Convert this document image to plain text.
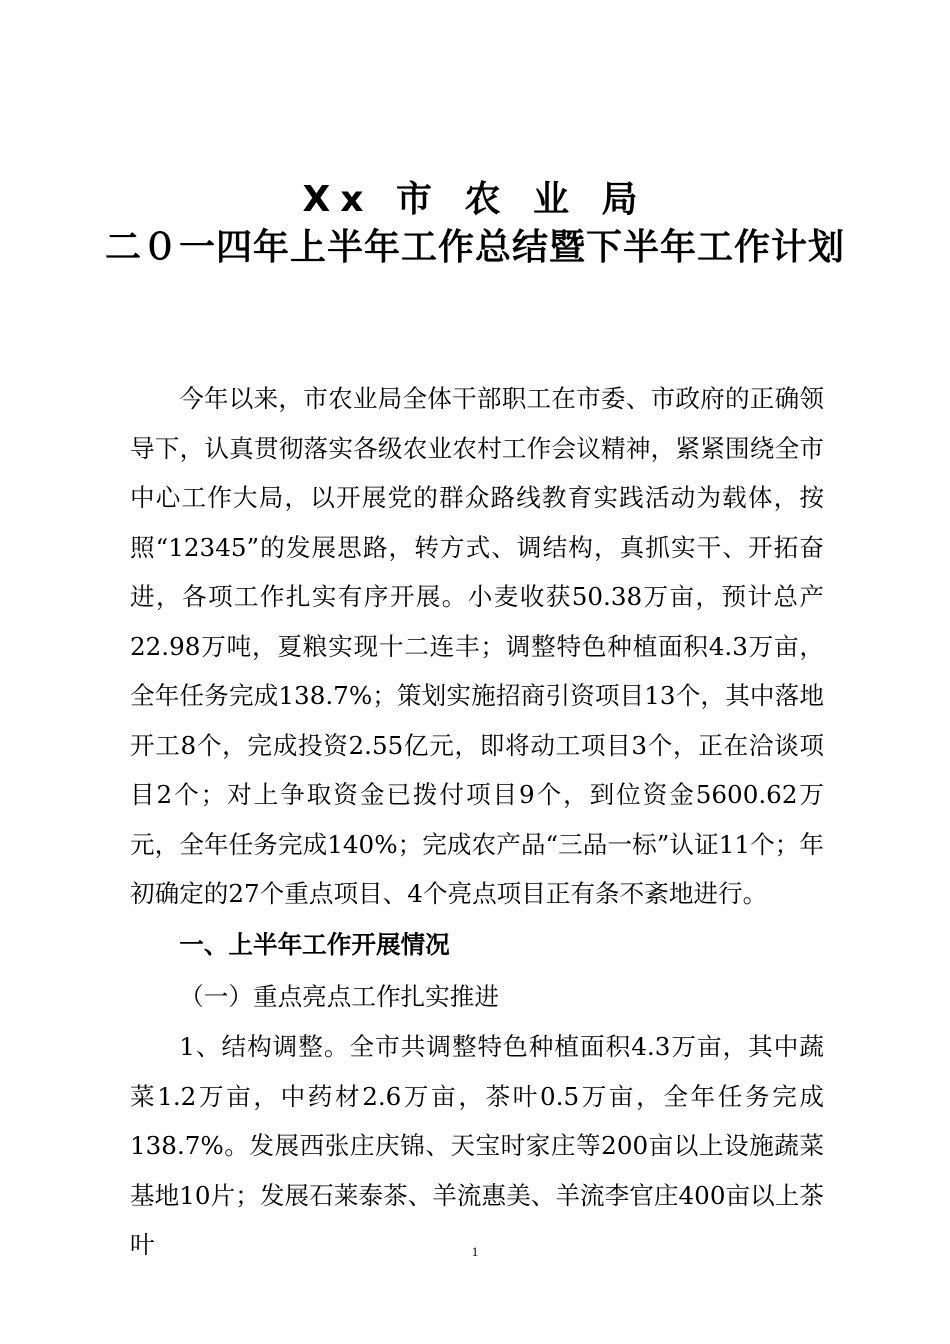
Xx 市 农 业 局
二０一四年上半年工作总结暨下半年工作计划

今年以来，市农业局全体干部职工在市委、市政府的正确领导下，认真贯彻落实各级农业农村工作会议精神，紧紧围绕全市中心工作大局，以开展党的群众路线教育实践活动为载体，按照“12345”的发展思路，转方式、调结构，真抓实干、开拓奋进，各项工作扎实有序开展。小麦收获50.38万亩，预计总产22.98万吨，夏粮实现十二连丰；调整特色种植面积4.3万亩，全年任务完成138.7%；策划实施招商引资项目13个，其中落地开工8个，完成投资2.55亿元，即将动工项目3个，正在洽谈项目2个；对上争取资金已拨付项目9个，到位资金5600.62万元，全年任务完成140%；完成农产品“三品一标”认证11个；年初确定的27个重点项目、4个亮点项目正有条不紊地进行。

一、上半年工作开展情况
（一）重点亮点工作扎实推进

1、结构调整。全市共调整特色种植面积4.3万亩，其中蔬菜1.2万亩，中药材2.6万亩，茶叶0.5万亩，全年任务完成138.7%。发展西张庄庆锦、天宝时家庄等200亩以上设施蔬菜基地10片；发展石莱泰茶、羊流惠美、羊流李官庄400亩以上茶叶	1
